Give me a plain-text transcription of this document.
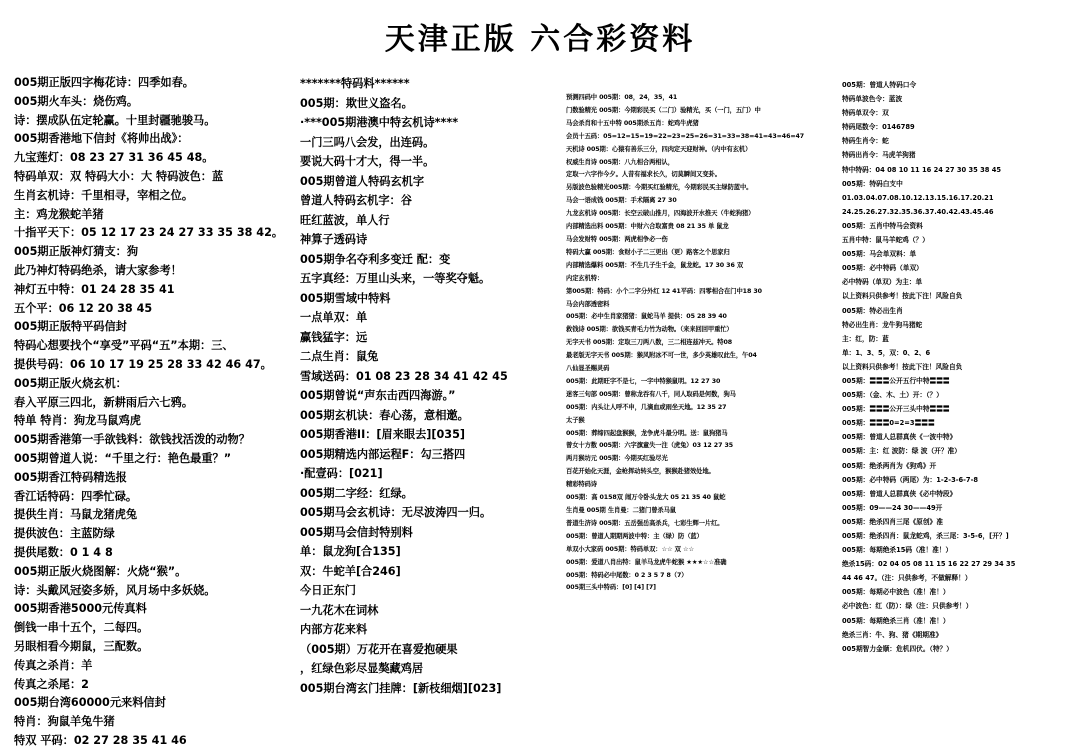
天津正版 六合彩资料
005期正版四字梅花诗：四季如春。
005期火车头：烧伤鸡。
诗：摆成队伍定轮赢。十里封疆驰骏马。
005期香港地下信封《将帅出战》：
九宝莲灯：08 23 27 31 36 45 48。
特码单双：双 特码大小：大 特码波色：蓝
生肖玄机诗：千里相寻，宰相之位。
主：鸡龙猴蛇羊猪
十指平天下：05 12 17 23 24 27 33 35 38 42。
005期正版神灯猜支：狗
此乃神灯特码绝杀，请大家参考！
神灯五中特：01 24 28 35 41
五个平：06 12 20 38 45
005期正版特平码信封
特码心想要找个“享受”平码“五”本期：三、
提供号码：06 10 17 19 25 28 33 42 46 47。
005期正版火烧玄机：
春入平原三四北，新耕雨后六七鸦。
特单 特肖：狗龙马鼠鸡虎
005期香港第一手欲钱料：欲钱找活泼的动物？
005期曾道人说：“千里之行：艳色最重？”
005期香江特码精选报
香江话特码：四季忙碌。
提供生肖：马鼠龙猪虎兔
提供波色：主蓝防绿
提供尾数：0 1 4 8
005期正版火烧图解：火烧“猴”。
诗：头戴风冠姿多娇，风月场中多妖娆。
005期香港5000元传真料
倒钱一串十五个，二每四。
另眼相看今期鼠，三配数。
传真之杀肖：羊
传真之杀尾：2
005期台湾60000元来料信封
特肖：狗鼠羊兔牛猪
特双 平码：02 27 28 35 41 46
*******特码料******
005期：欺世义盗名。
·***005期港澳中特玄机诗****
一门三吗八会发，出连码。
要说大码十才大，得一半。
005期曾道人特码玄机字
曾道人特码玄机字：谷
旺红蓝波，单人行
神算子透码诗
005期争名夺利多变迁 配：变
五字真经：万里山头来，一等奖夺魁。
005期雪域中特料
一点单双：单
赢钱猛字：远
二点生肖：鼠兔
雪域送码：01 08 23 28 34 41 42 45
005期曾说“声东击西四海游。”
005期玄机诀：春心荡，意相邀。
005期香港II：[眉来眼去][035]
005期精选内部运程F：勾三搭四
·配壹码：[021]
005期二字经：红绿。
005期马会玄机诗：无尽波涛四一归。
005期马会信封特别料
单：鼠龙狗[合135]
双：牛蛇羊[合246]
今日正东门
一九花木在词林
内部方花来料
（005期）万花开在喜爱抱硬果
，红绿色彩尽显獒藏鸡居
005期台湾玄门挂牌：[新枝细烟][023]
预测四码中 005期：08，24，35，41
门数验精光 005期：今期彩民买（二门）验精光，买（一门，五门）中
马会杀肖和十五中特 005期杀五肖：蛇鸡牛虎猪
会员十五码：05=12=15=19=22=23=25=26=31=33=38=41=43=46=47
天机诗 005期：心猿有善乐三分，四肉定天迎财神。（内中有玄机）
权威生肖诗 005期：八九相合两相认，
定取一六字作今夕。人昔有福求长久，切莫瞬间又变卦。
另版波色验精光005期：今期买红验精光，今期彩民买主绿防蓝中。
马会一语成钱 005期：手术隔离 27 30
九龙玄机诗 005期：长空云破山推月，四海波开水推天（牛蛇狗猪）
内部精选出料 005期：中财六合取富贵 08 21 35 单 鼠龙
马会发财特 005期：两虎相争必一伤
特码大赢 005期：食财小子二三更出（更）路客之个思家归
内部精选爆料 005期：不生几子生千金，鼠龙蛇。17 30 36 双
内定玄机特：
第005期：特码：小个二字分外红 12 41平码：四零相合在门中18 30
马会内部透密料
005期：必中生肖家猪猪：鼠蛇马羊 提供：05 28 39 40
救钱诗 005期：欲钱买青毛力竹为动物。（来来回回甲重忙）
无字天书 005期：定取三刀两八数，三二相连兹冲天。特08
最老版无字天书 005期：猴风附冰不可一世，多少英雄叹此生，午04
八仙显圣赐灵码
005期：此期旺字不是七，一字中特猴鼠明。12 27 30
迷客三句部 005期：曾称龙吞有八千，同人取码是何数，狗马
005期：内头让人呼不申，几滴血或雨坐天地。12 35 27
太子猴
005期：葬缔四起盘猴猴，龙争虎斗最分明。送：鼠狗猪马
曾女十方数 005期：六字旗童失一注（虎兔）03 12 27 35
两月猴坊元 005期：今期买红验尽光
百花开始化天涯，金枪挥动转头空，猴猴赴猪效处地。
精彩特码诗
005期：高 0158双 闹万令卧头龙大 05 21 35 40 鼠蛇
生肖曼 005期 生肖曼：二猪门曾杀马鼠
普道生济诗 005期：五岳强岳高杀兵，七彩生辉一片红。
005期：曾道人期期两波中特：主（绿）防（蓝）
单双小大家码 005期：特码单双：☆☆ 双 ☆☆
005期：爱道八肖出特：鼠羊马龙虎牛蛇猴 ★★★☆☆准确
005期：特码必中尾数：0 2 3 5 7 8（7）
005期三头中特码：[0] [4] [7]
005期：曾道人特码口令
特码单波色令：蓝波
特码单双令：双
特码尾数令：0146789
特码生肖令：蛇
特码出肖令：马虎羊狗猪
特中特码：04 08 10 11 16 24 27 30 35 38 45
005期：特码白支中
01.03.04.07.08.10.12.13.15.16.17.20.21
24.25.26.27.32.35.36.37.40.42.43.45.46
005期：五肖中特马会资料
五肖中特：鼠马羊蛇鸡（？）
005期：马会单双料：单
005期：必中特码（单双）
必中特码（单双）为主：单
以上资料只供参考！按此下注！风险自负
005期：特必出生肖
特必出生肖：龙牛狗马猪蛇
主：红，防：蓝
单：1、3、5，双：0、2、6
以上资料只供参考！按此下注！风险自负
005期：〓〓〓公开五行中特〓〓〓
005期：（金、木、土）开：（？）
005期：〓〓〓公开三头中特〓〓〓
005期：〓〓〓0=2=3〓〓〓
005期：曾道人总群真侠《一波中特》
005期：主：红 波防：绿 波（开？准）
005期：绝杀两肖为《狗鸡》开
005期：必中特码（两尾）为：1-2-3-6-7-8
005期：曾道人总群真侠《必中特段》
005期：09——24 30——49开
005期：绝杀四肖三尾《原创》准
005期：绝杀四肖：鼠龙蛇鸡，杀三尾：3-5-6，[开？]
005期：每期绝杀15码（准！准！）
绝杀15码：02 04 05 08 11 15 16 22 27 29 34 35
44 46 47。（注：只供参考，不做解释！）
005期：每期必中波色（准！准！）
必中波色：红（防）：绿（注：只供参考！）
005期：每期绝杀三肖（准！准！）
绝杀三肖：牛、狗、猪《期期准》
005期智力金顺：危机四伏。（特？）
